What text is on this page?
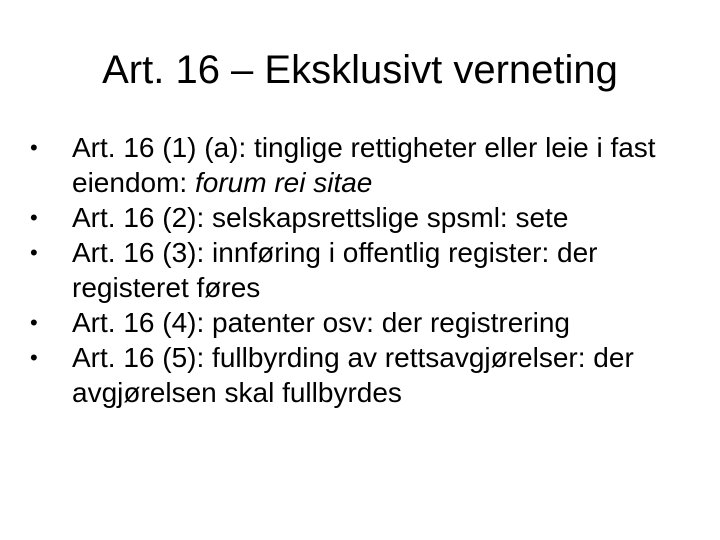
Art. 16 – Eksklusivt verneting
•	Art. 16 (1) (a): tinglige rettigheter eller leie i fast eiendom: forum rei sitae
•	Art. 16 (2): selskapsrettslige spsml: sete
•	Art. 16 (3): innføring i offentlig register: der registeret føres
•	Art. 16 (4): patenter osv: der registrering
•	Art. 16 (5): fullbyrding av rettsavgjørelser: der avgjørelsen skal fullbyrdes
